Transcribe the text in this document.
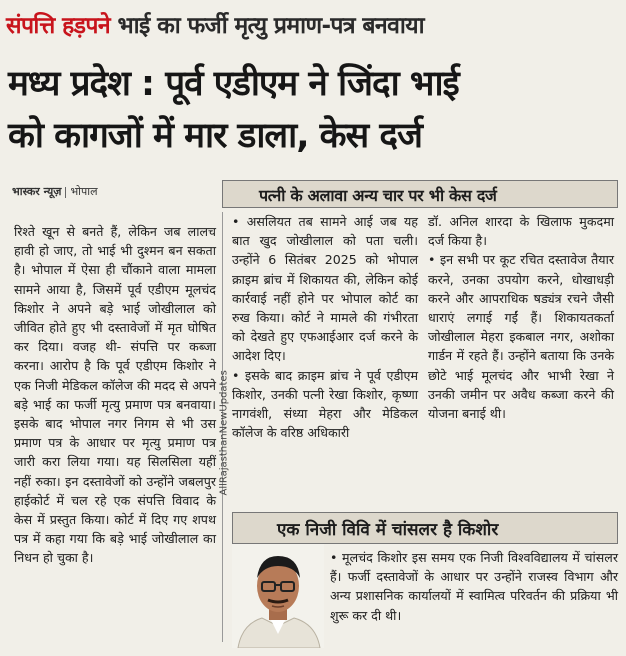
संपत्ति हड़पने भाई का फर्जी मृत्यु प्रमाण-पत्र बनवाया
मध्य प्रदेश : पूर्व एडीएम ने जिंदा भाई
को कागजों में मार डाला, केस दर्ज
भास्कर न्यूज़ भोपाल	पत्नी के अलावा अन्य चार पर भी केस दर्ज

रिश्ते खून से बनते हैं, लेकिन जब लालच हावी हो जाए, तो भाई भी दुश्मन बन सकता है। भोपाल में ऐसा ही चौंकाने वाला मामला सामने आया है, जिसमें पूर्व एडीएम मूलचंद किशोर ने अपने बड़े भाई जोखीलाल को जीवित होते हुए भी दस्तावेजों में मृत घोषित कर दिया। वजह थी- संपत्ति पर कब्जा करना। आरोप है कि पूर्व एडीएम किशोर ने एक निजी मेडिकल कॉलेज की मदद से अपने बड़े भाई का फर्जी मृत्यु प्रमाण पत्र बनवाया। इसके बाद भोपाल नगर निगम से भी उस प्रमाण पत्र के आधार पर मृत्यु प्रमाण पत्र जारी करा लिया गया। यह सिलसिला यहीं नहीं रुका। इन दस्तावेजों को उन्होंने जबलपुर हाईकोर्ट में चल रहे एक संपत्ति विवाद के केस में प्रस्तुत किया। कोर्ट में दिए गए शपथ पत्र में कहा गया कि बड़े भाई जोखीलाल का निधन हो चुका है।

AllRajasthanNewUpdates

• असलियत तब सामने आई जब यह बात खुद जोखीलाल को पता चली। उन्होंने 6 सितंबर 2025 को भोपाल क्राइम ब्रांच में शिकायत की, लेकिन कोई कार्रवाई नहीं होने पर भोपाल कोर्ट का रुख किया। कोर्ट ने मामले की गंभीरता को देखते हुए एफआईआर दर्ज करने के आदेश दिए।

• इसके बाद क्राइम ब्रांच ने पूर्व एडीएम किशोर, उनकी पत्नी रेखा किशोर, कृष्णा नागवंशी, संध्या मेहरा और मेडिकल कॉलेज के वरिष्ठ अधिकारी

डॉ. अनिल शारदा के खिलाफ मुकदमा दर्ज किया है।

• इन सभी पर कूट रचित दस्तावेज तैयार करने, उनका उपयोग करने, धोखाधड़ी करने और आपराधिक षड्यंत्र रचने जैसी धाराएं लगाई गईं हैं। शिकायतकर्ता जोखीलाल मेहरा इकबाल नगर, अशोका गार्डन में रहते हैं। उन्होंने बताया कि उनके छोटे भाई मूलचंद और भाभी रेखा ने उनकी जमीन पर अवैध कब्जा करने की योजना बनाई थी।

एक निजी विवि में चांसलर है किशोर

• मूलचंद किशोर इस समय एक निजी विश्वविद्यालय में चांसलर हैं। फर्जी दस्तावेजों के आधार पर उन्होंने राजस्व विभाग और अन्य प्रशासनिक कार्यालयों में स्वामित्व परिवर्तन की प्रक्रिया भी शुरू कर दी थी।
